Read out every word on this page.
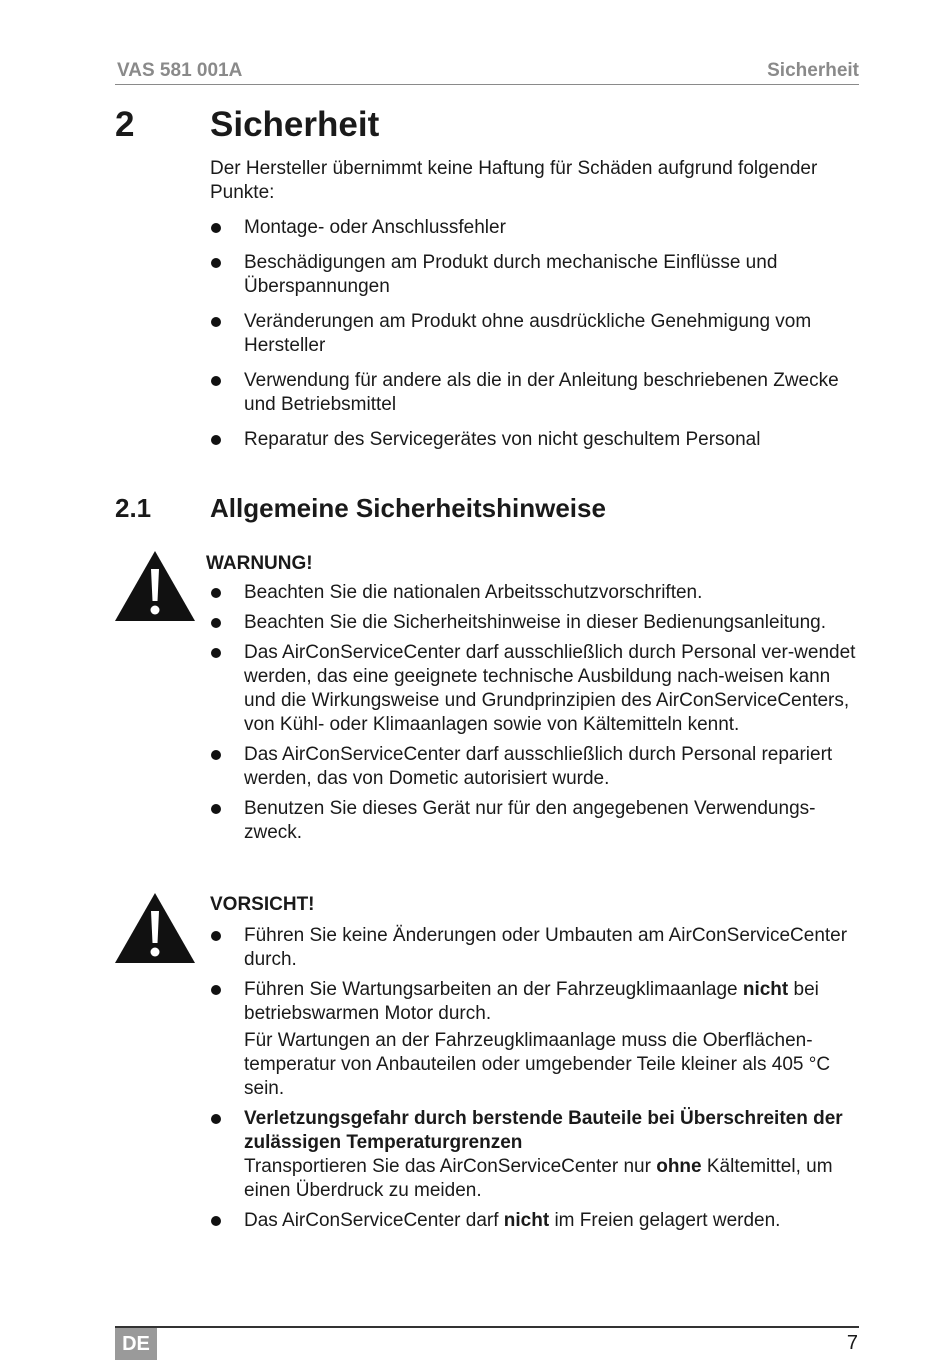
VAS 581 001A	Sicherheit
2 Sicherheit
Der Hersteller übernimmt keine Haftung für Schäden aufgrund folgender Punkte:
Montage- oder Anschlussfehler
Beschädigungen am Produkt durch mechanische Einflüsse und Überspannungen
Veränderungen am Produkt ohne ausdrückliche Genehmigung vom Hersteller
Verwendung für andere als die in der Anleitung beschriebenen Zwecke und Betriebsmittel
Reparatur des Servicegerätes von nicht geschultem Personal
2.1 Allgemeine Sicherheitshinweise
WARNUNG!
Beachten Sie die nationalen Arbeitsschutzvorschriften.
Beachten Sie die Sicherheitshinweise in dieser Bedienungsanleitung.
Das AirConServiceCenter darf ausschließlich durch Personal ver-wendet werden, das eine geeignete technische Ausbildung nach-weisen kann und die Wirkungsweise und Grundprinzipien des AirConServiceCenters, von Kühl- oder Klimaanlagen sowie von Kältemitteln kennt.
Das AirConServiceCenter darf ausschließlich durch Personal repariert werden, das von Dometic autorisiert wurde.
Benutzen Sie dieses Gerät nur für den angegebenen Verwendungs-zweck.
VORSICHT!
Führen Sie keine Änderungen oder Umbauten am AirConServiceCenter durch.
Führen Sie Wartungsarbeiten an der Fahrzeugklimaanlage nicht bei betriebswarmen Motor durch.
Für Wartungen an der Fahrzeugklimaanlage muss die Oberflächen-temperatur von Anbauteilen oder umgebender Teile kleiner als 405 °C sein.
Verletzungsgefahr durch berstende Bauteile bei Überschreiten der zulässigen Temperaturgrenzen
Transportieren Sie das AirConServiceCenter nur ohne Kältemittel, um einen Überdruck zu meiden.
Das AirConServiceCenter darf nicht im Freien gelagert werden.
DE	7
